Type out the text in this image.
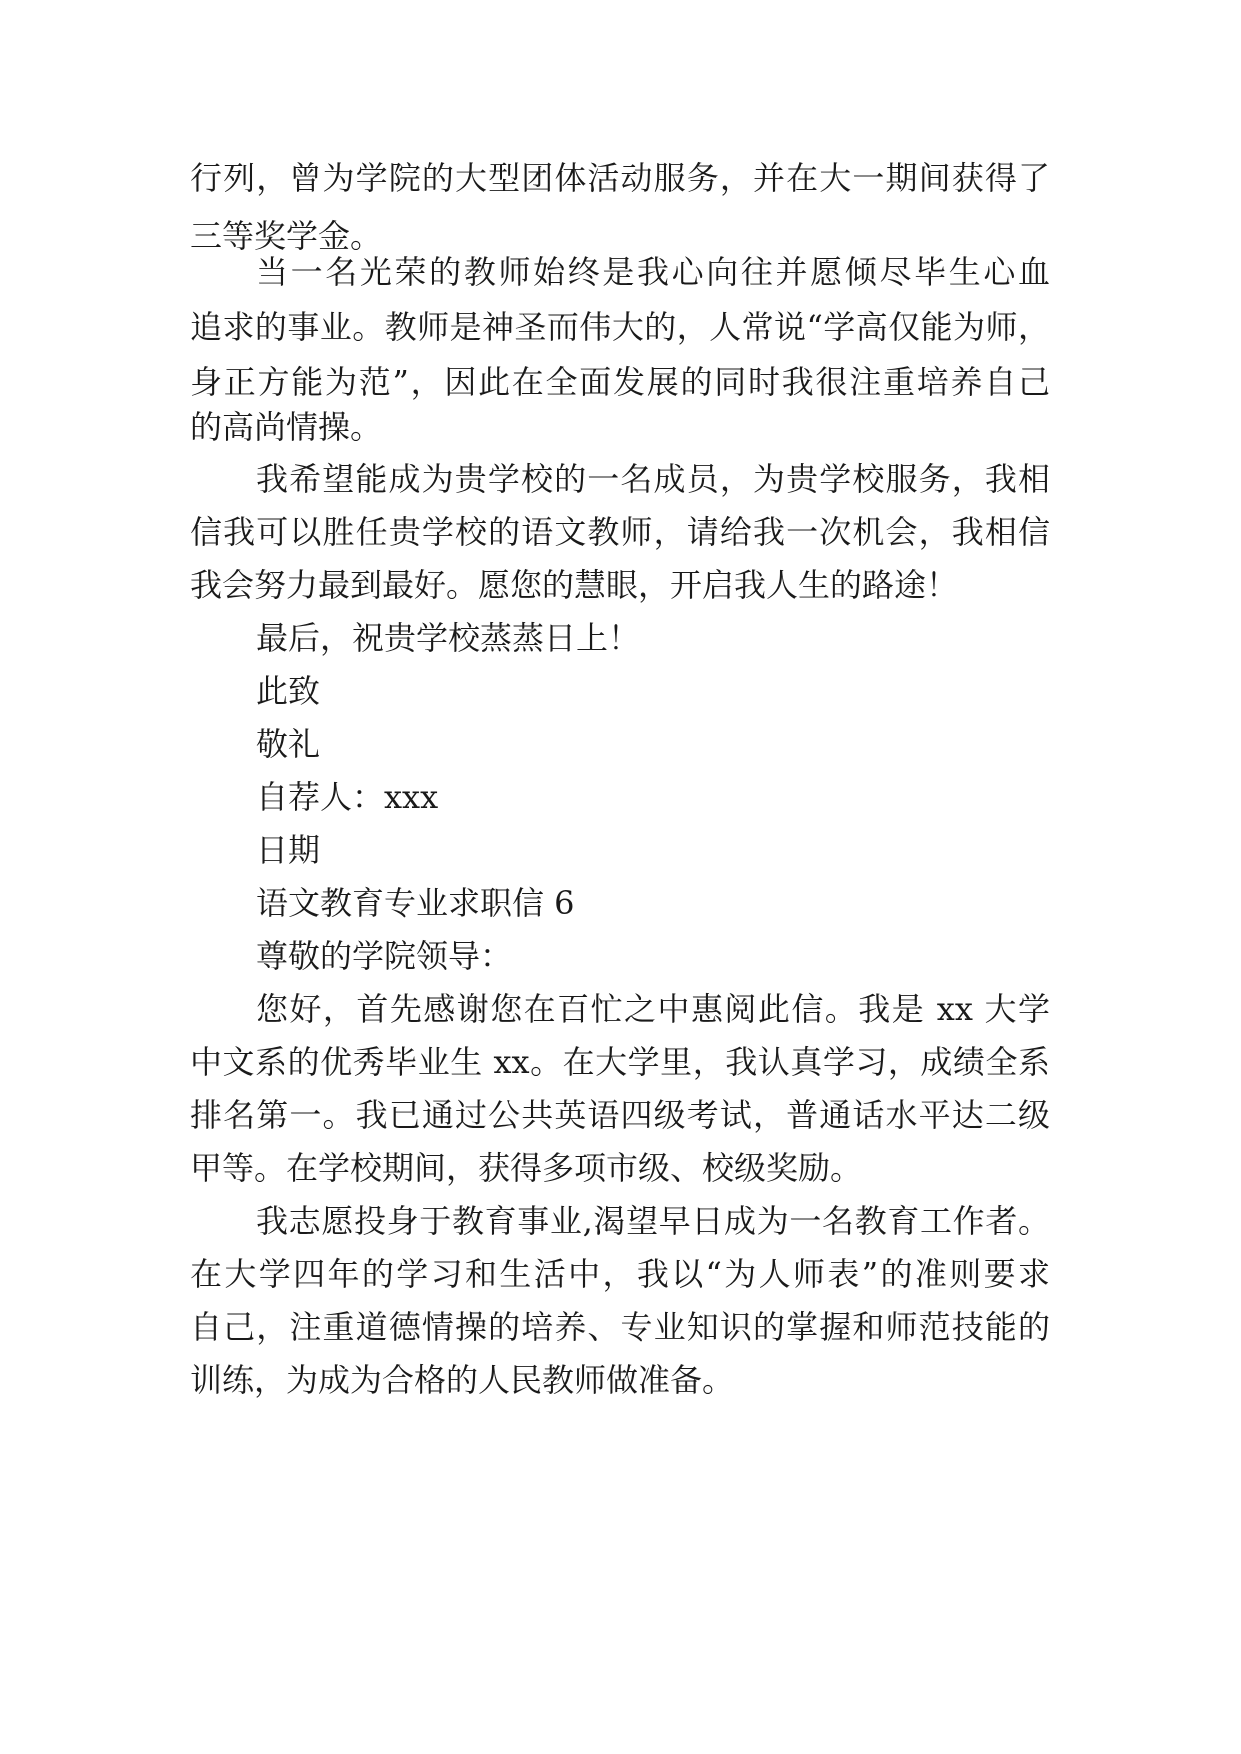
行列，曾为学院的大型团体活动服务，并在大一期间获得了
三等奖学金。
当一名光荣的教师始终是我心向往并愿倾尽毕生心血
追求的事业。教师是神圣而伟大的，人常说“学高仅能为师，
身正方能为范”，因此在全面发展的同时我很注重培养自己
的高尚情操。
我希望能成为贵学校的一名成员，为贵学校服务，我相
信我可以胜任贵学校的语文教师，请给我一次机会，我相信
我会努力最到最好。愿您的慧眼，开启我人生的路途！
最后，祝贵学校蒸蒸日上！
此致
敬礼
自荐人：xxx
日期
语文教育专业求职信 6
尊敬的学院领导：
您好，首先感谢您在百忙之中惠阅此信。我是 xx 大学
中文系的优秀毕业生 xx。在大学里，我认真学习，成绩全系
排名第一。我已通过公共英语四级考试，普通话水平达二级
甲等。在学校期间，获得多项市级、校级奖励。
我志愿投身于教育事业,渴望早日成为一名教育工作者。
在大学四年的学习和生活中，我以“为人师表”的准则要求
自己，注重道德情操的培养、专业知识的掌握和师范技能的
训练，为成为合格的人民教师做准备。
